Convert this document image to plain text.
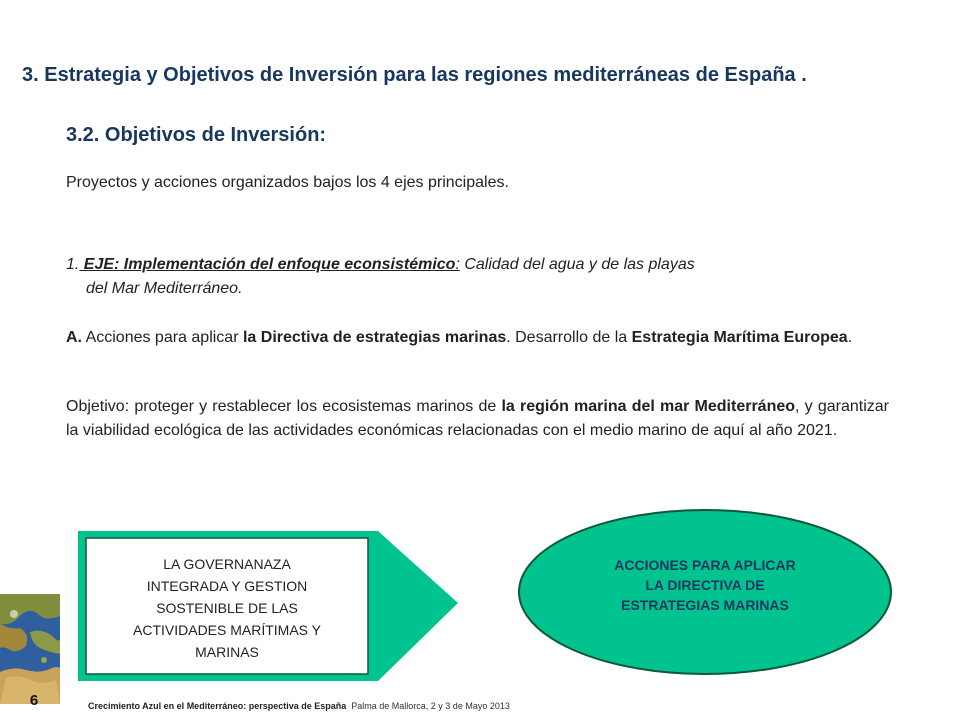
3. Estrategia y Objetivos de Inversión para las regiones mediterráneas de España .
3.2. Objetivos de Inversión:
Proyectos y acciones organizados bajos los 4 ejes principales.
1. EJE: Implementación del enfoque econsistémico: Calidad del agua y de las playas
del Mar Mediterráneo.
A. Acciones para aplicar la Directiva de estrategias marinas. Desarrollo de la Estrategia Marítima Europea.
Objetivo: proteger y restablecer los ecosistemas marinos de la región marina del mar Mediterráneo, y garantizar la viabilidad ecológica de las actividades económicas relacionadas con el medio marino de aquí al año 2021.
LA GOVERNANAZA
INTEGRADA Y GESTION
SOSTENIBLE DE LAS
ACTIVIDADES MARÍTIMAS Y
MARINAS
ACCIONES PARA APLICAR
LA DIRECTIVA DE
ESTRATEGIAS MARINAS
6	Crecimiento Azul en el Mediterráneo: perspectiva de España Palma de Mallorca, 2 y 3 de Mayo 2013
